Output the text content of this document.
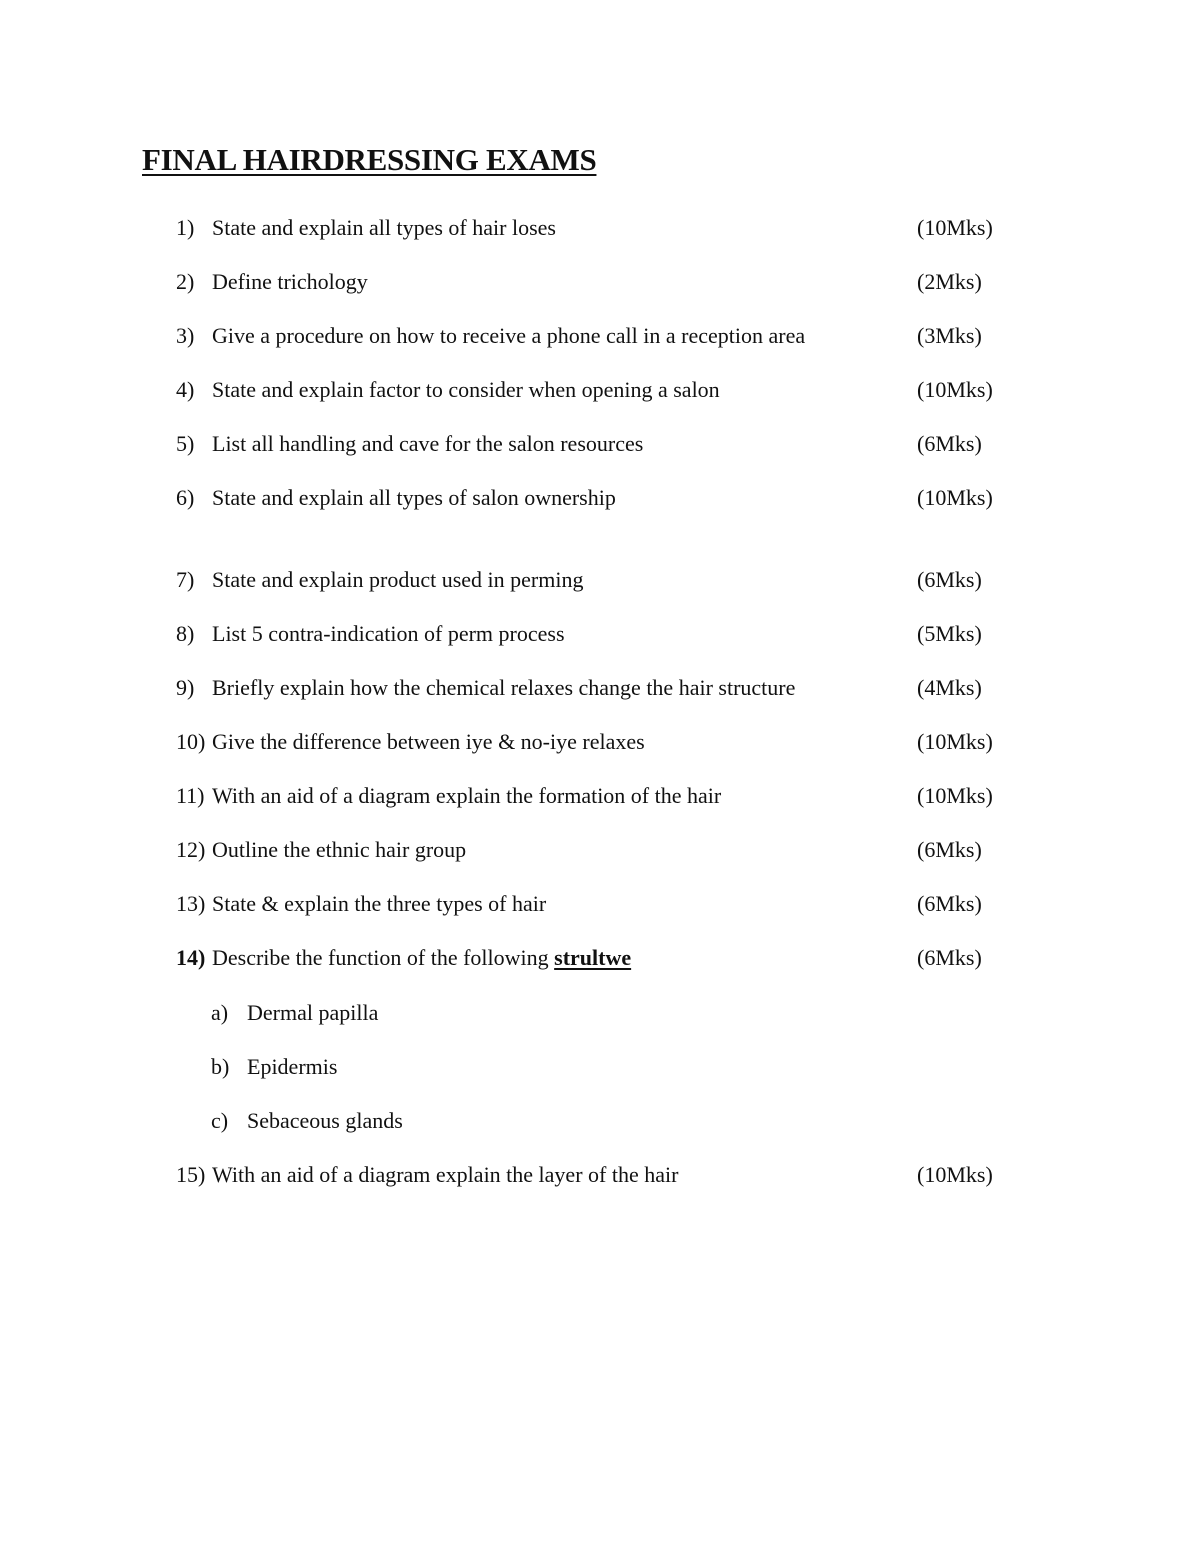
FINAL HAIRDRESSING EXAMS
1) State and explain all types of hair loses	(10Mks)
2) Define trichology	(2Mks)
3) Give a procedure on how to receive a phone call in a reception area	(3Mks)
4) State and explain factor to consider when opening a salon	(10Mks)
5) List all handling and cave for the salon resources	(6Mks)
6) State and explain all types of salon ownership	(10Mks)
7) State and explain product used in perming	(6Mks)
8) List 5 contra-indication of perm process	(5Mks)
9) Briefly explain how the chemical relaxes change the hair structure	(4Mks)
10) Give the difference between iye & no-iye relaxes	(10Mks)
11) With an aid of a diagram explain the formation of the hair	(10Mks)
12) Outline the ethnic hair group	(6Mks)
13) State & explain the three types of hair	(6Mks)
14) Describe the function of the following strultwe	(6Mks)
a) Dermal papilla
b) Epidermis
c) Sebaceous glands
15) With an aid of a diagram explain the layer of the hair	(10Mks)
